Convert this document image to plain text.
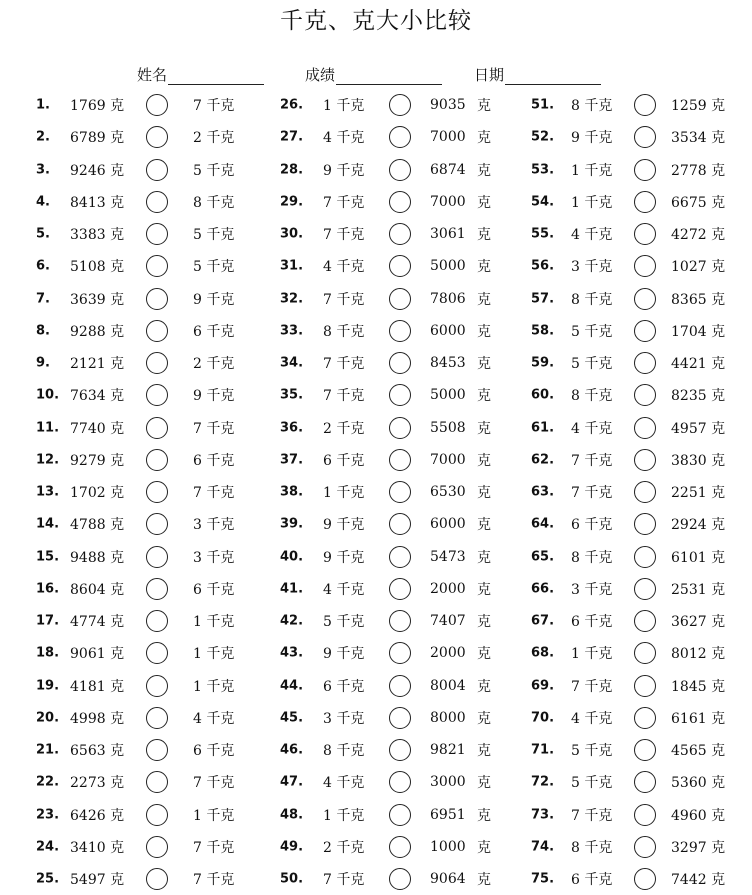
千克、克大小比较
姓名	成绩	日期
1. 1769 克	7 千克
2. 6789 克	2 千克
3. 9246 克	5 千克
4. 8413 克	8 千克
5. 3383 克	5 千克
6. 5108 克	5 千克
7. 3639 克	9 千克
8. 9288 克	6 千克
9. 2121 克	2 千克
10. 7634 克	9 千克
11. 7740 克	7 千克
12. 9279 克	6 千克
13. 1702 克	7 千克
14. 4788 克	3 千克
15. 9488 克	3 千克
16. 8604 克	6 千克
17. 4774 克	1 千克
18. 9061 克	1 千克
19. 4181 克	1 千克
20. 4998 克	4 千克
21. 6563 克	6 千克
22. 2273 克	7 千克
23. 6426 克	1 千克
24. 3410 克	7 千克
25. 5497 克	7 千克
26. 1 千克	9035 克
27. 4 千克	7000 克
28. 9 千克	6874 克
29. 7 千克	7000 克
30. 7 千克	3061 克
31. 4 千克	5000 克
32. 7 千克	7806 克
33. 8 千克	6000 克
34. 7 千克	8453 克
35. 7 千克	5000 克
36. 2 千克	5508 克
37. 6 千克	7000 克
38. 1 千克	6530 克
39. 9 千克	6000 克
40. 9 千克	5473 克
41. 4 千克	2000 克
42. 5 千克	7407 克
43. 9 千克	2000 克
44. 6 千克	8004 克
45. 3 千克	8000 克
46. 8 千克	9821 克
47. 4 千克	3000 克
48. 1 千克	6951 克
49. 2 千克	1000 克
50. 7 千克	9064 克
51. 8 千克	1259 克
52. 9 千克	3534 克
53. 1 千克	2778 克
54. 1 千克	6675 克
55. 4 千克	4272 克
56. 3 千克	1027 克
57. 8 千克	8365 克
58. 5 千克	1704 克
59. 5 千克	4421 克
60. 8 千克	8235 克
61. 4 千克	4957 克
62. 7 千克	3830 克
63. 7 千克	2251 克
64. 6 千克	2924 克
65. 8 千克	6101 克
66. 3 千克	2531 克
67. 6 千克	3627 克
68. 1 千克	8012 克
69. 7 千克	1845 克
70. 4 千克	6161 克
71. 5 千克	4565 克
72. 5 千克	5360 克
73. 7 千克	4960 克
74. 8 千克	3297 克
75. 6 千克	7442 克
